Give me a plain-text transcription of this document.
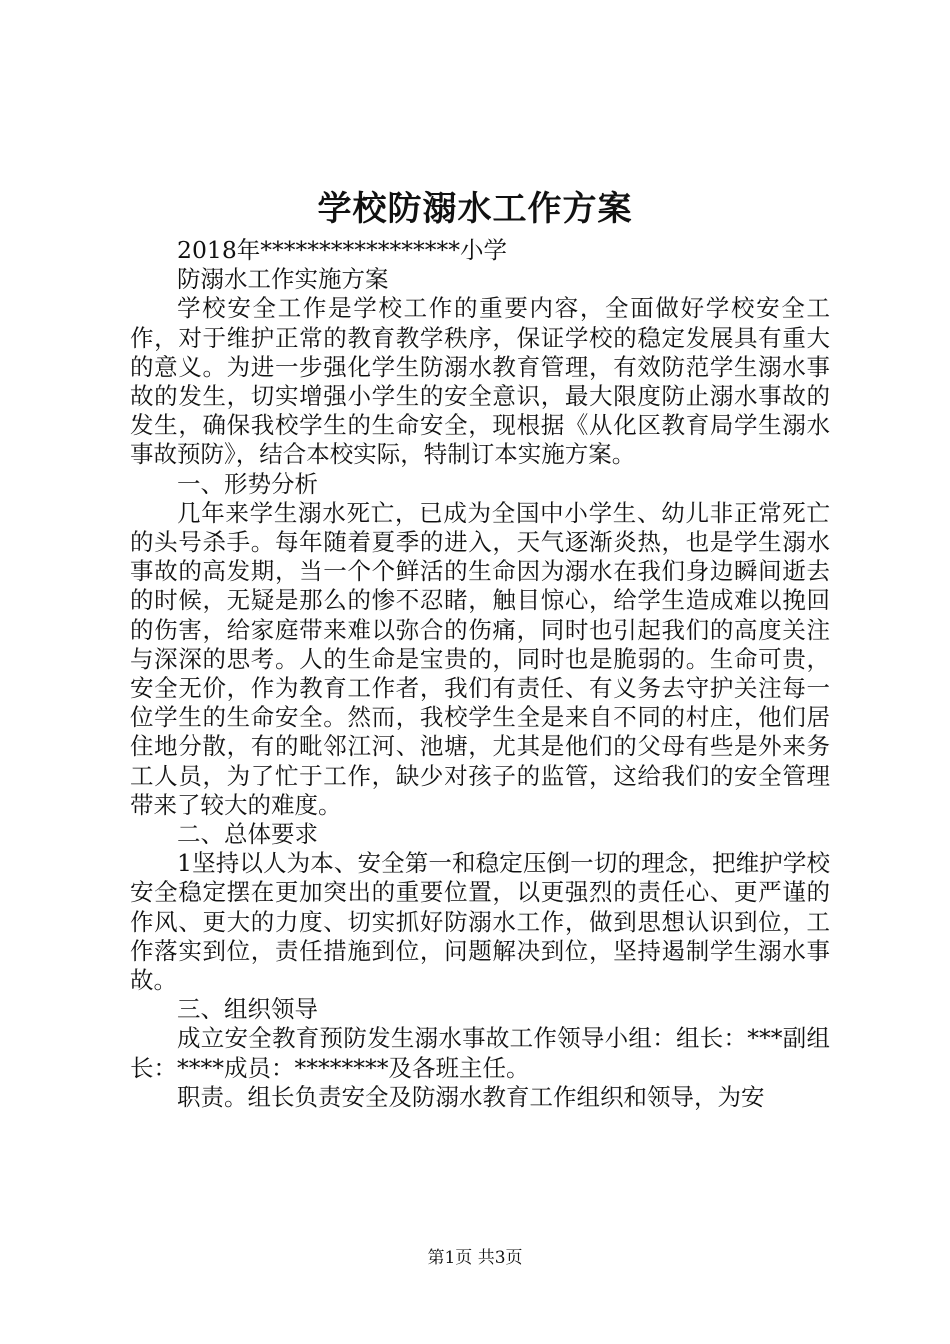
学校防溺水工作方案

2018年*****************小学

防溺水工作实施方案

学校安全工作是学校工作的重要内容，全面做好学校安全工作，对于维护正常的教育教学秩序，保证学校的稳定发展具有重大的意义。为进一步强化学生防溺水教育管理，有效防范学生溺水事故的发生，切实增强小学生的安全意识，最大限度防止溺水事故的发生，确保我校学生的生命安全，现根据《从化区教育局学生溺水事故预防》，结合本校实际，特制订本实施方案。

一、形势分析

几年来学生溺水死亡，已成为全国中小学生、幼儿非正常死亡的头号杀手。每年随着夏季的进入，天气逐渐炎热，也是学生溺水事故的高发期，当一个个鲜活的生命因为溺水在我们身边瞬间逝去的时候，无疑是那么的惨不忍睹，触目惊心，给学生造成难以挽回的伤害，给家庭带来难以弥合的伤痛，同时也引起我们的高度关注与深深的思考。人的生命是宝贵的，同时也是脆弱的。生命可贵，安全无价，作为教育工作者，我们有责任、有义务去守护关注每一位学生的生命安全。然而，我校学生全是来自不同的村庄，他们居住地分散，有的毗邻江河、池塘，尤其是他们的父母有些是外来务工人员，为了忙于工作，缺少对孩子的监管，这给我们的安全管理带来了较大的难度。

二、总体要求

1坚持以人为本、安全第一和稳定压倒一切的理念，把维护学校安全稳定摆在更加突出的重要位置，以更强烈的责任心、更严谨的作风、更大的力度、切实抓好防溺水工作，做到思想认识到位，工作落实到位，责任措施到位，问题解决到位，坚持遏制学生溺水事故。

三、组织领导

成立安全教育预防发生溺水事故工作领导小组：组长：***副组长：****成员：********及各班主任。

职责。组长负责安全及防溺水教育工作组织和领导，为安

第1页 共3页
